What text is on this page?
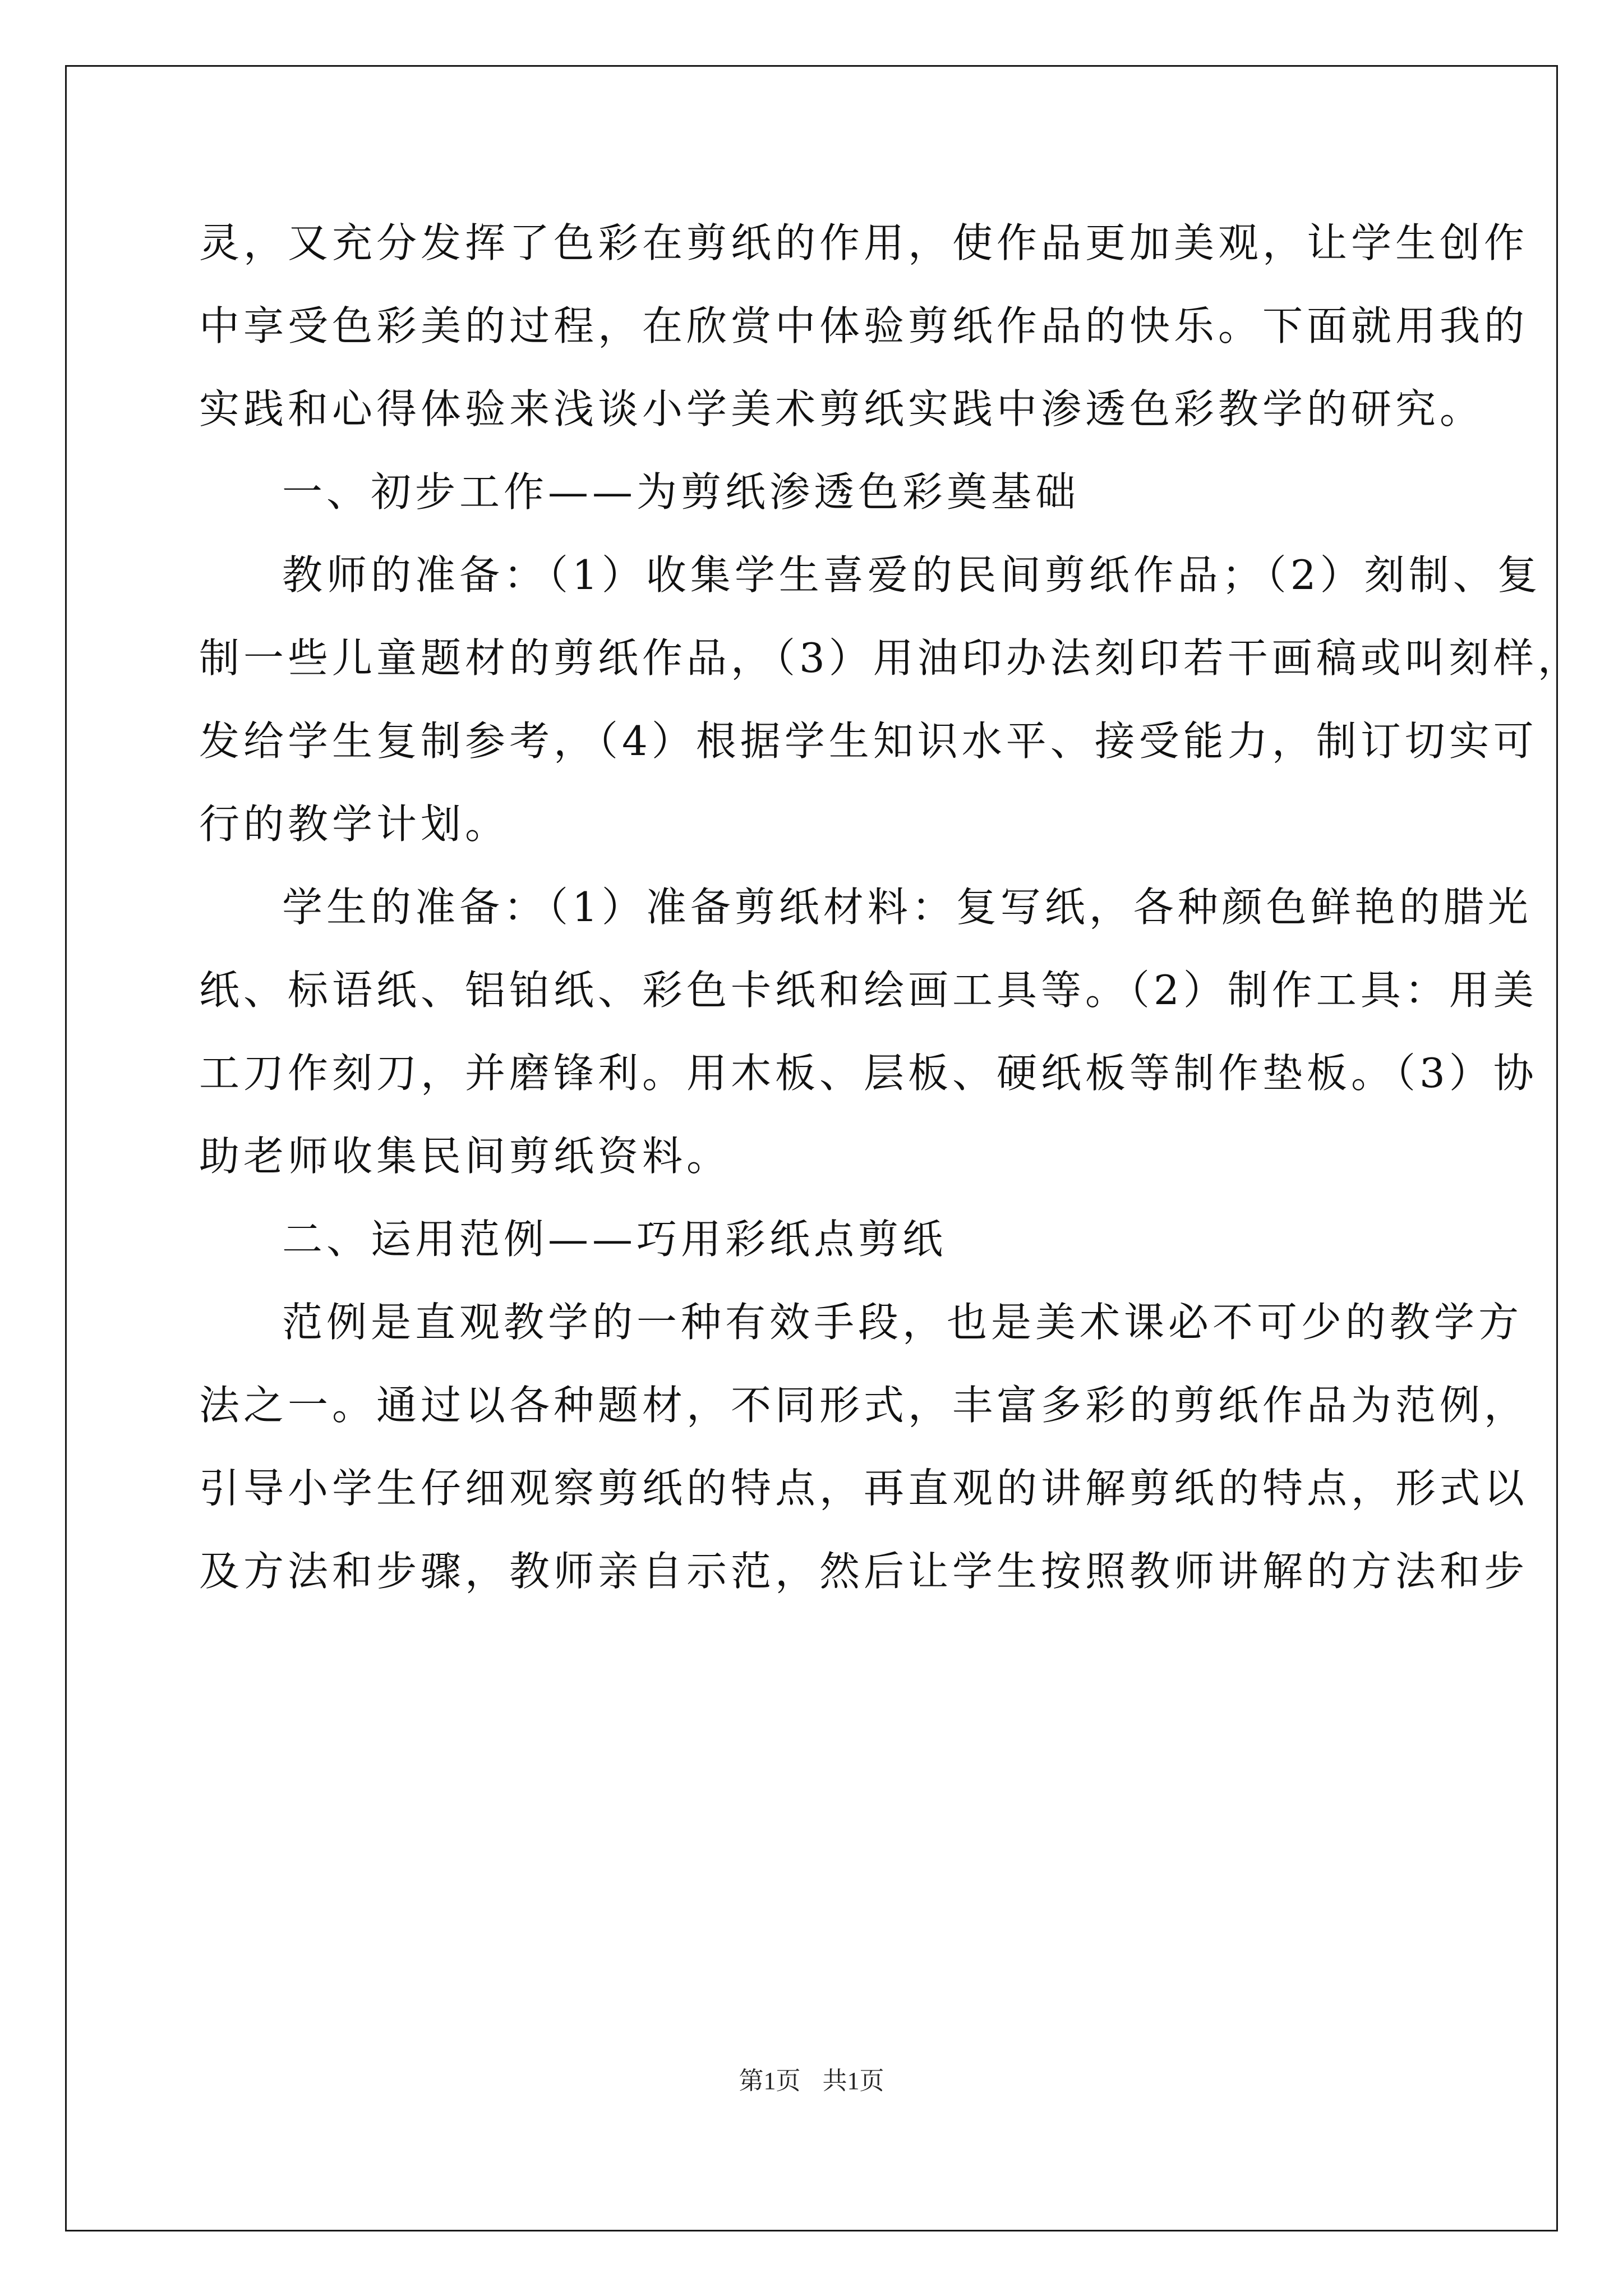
灵，又充分发挥了色彩在剪纸的作用，使作品更加美观，让学生创作
中享受色彩美的过程，在欣赏中体验剪纸作品的快乐。下面就用我的
实践和心得体验来浅谈小学美术剪纸实践中渗透色彩教学的研究。
一、初步工作——为剪纸渗透色彩奠基础
教师的准备：（1）收集学生喜爱的民间剪纸作品；（2）刻制、复
制一些儿童题材的剪纸作品，（3）用油印办法刻印若干画稿或叫刻样，
发给学生复制参考，（4）根据学生知识水平、接受能力，制订切实可
行的教学计划。
学生的准备：（1）准备剪纸材料：复写纸，各种颜色鲜艳的腊光
纸、标语纸、铝铂纸、彩色卡纸和绘画工具等。（2）制作工具：用美
工刀作刻刀，并磨锋利。用木板、层板、硬纸板等制作垫板。（3）协
助老师收集民间剪纸资料。
二、运用范例——巧用彩纸点剪纸
范例是直观教学的一种有效手段，也是美术课必不可少的教学方
法之一。通过以各种题材，不同形式，丰富多彩的剪纸作品为范例，
引导小学生仔细观察剪纸的特点，再直观的讲解剪纸的特点，形式以
及方法和步骤，教师亲自示范，然后让学生按照教师讲解的方法和步
第1页 共1页
